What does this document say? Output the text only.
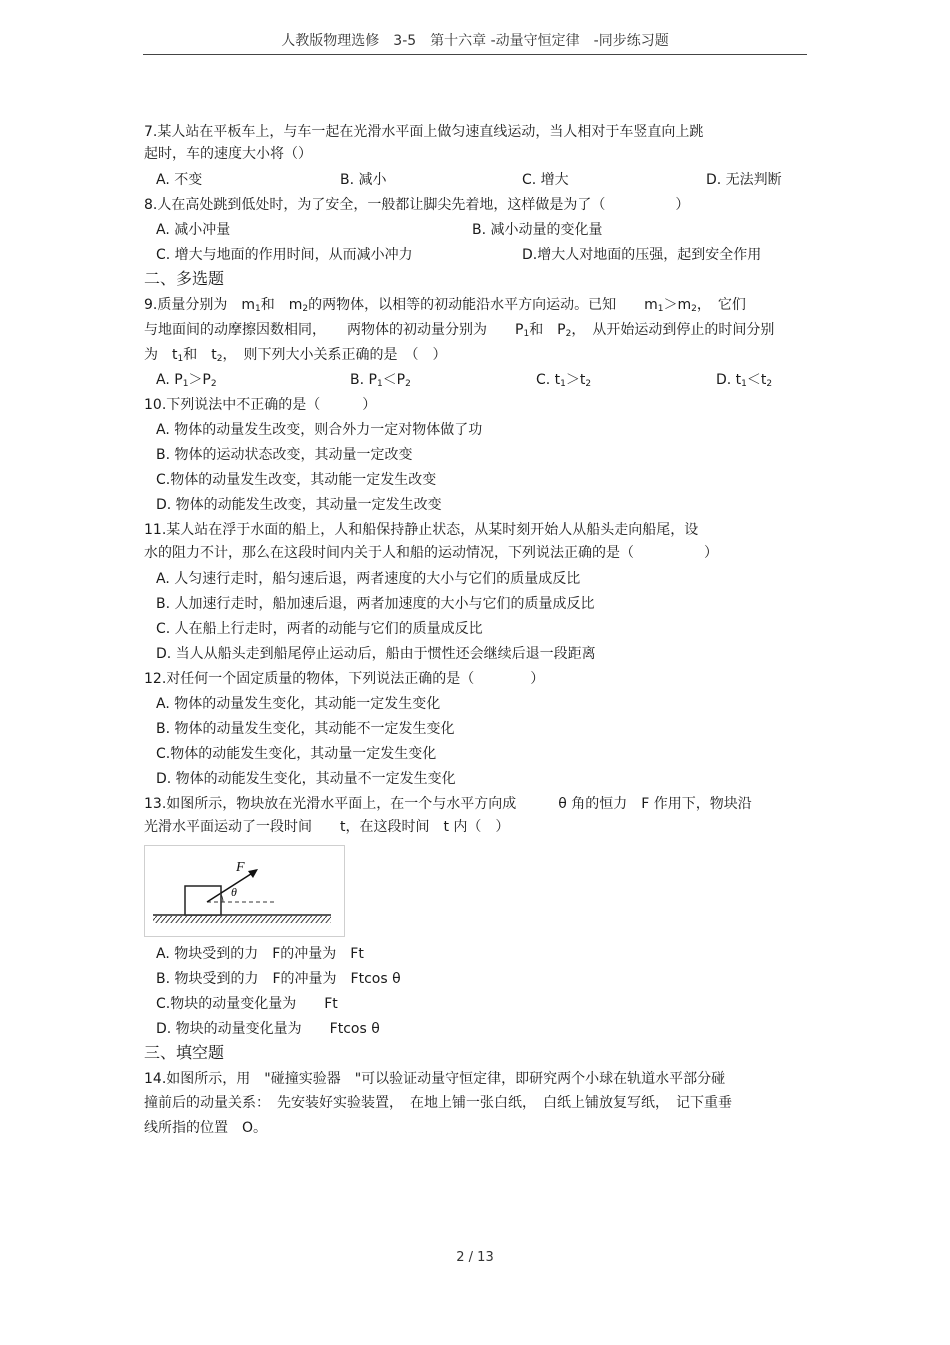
人教版物理选修　3-5　第十六章 -动量守恒定律　-同步练习题
7.某人站在平板车上，与车一起在光滑水平面上做匀速直线运动，当人相对于车竖直向上跳
起时，车的速度大小将（）
A. 不变	B. 减小	C. 增大	D. 无法判断
8.人在高处跳到低处时，为了安全，一般都让脚尖先着地，这样做是为了（　　　　　）
A. 减小冲量	B. 减小动量的变化量
C. 增大与地面的作用时间，从而减小冲力	D.增大人对地面的压强，起到安全作用
二、多选题
9.质量分别为　$m_1$和　$m_2$的两物体，以相等的初动能沿水平方向运动。已知　　$m_1>m_2$，　它们
与地面间的动摩擦因数相同，　　两物体的初动量分别为　　$P_1$和　$P_2$，　从开始运动到停止的时间分别
为　$t_1$和　$t_2$，　则下列大小关系正确的是　（　）
A. $P_1>P_2$	B. $P_1<P_2$	C. $t_1>t_2$	D. $t_1<t_2$
10.下列说法中不正确的是（　　　）
A. 物体的动量发生改变，则合外力一定对物体做了功
B. 物体的运动状态改变，其动量一定改变
C.物体的动量发生改变，其动能一定发生改变
D. 物体的动能发生改变，其动量一定发生改变
11.某人站在浮于水面的船上，人和船保持静止状态，从某时刻开始人从船头走向船尾，设
水的阻力不计，那么在这段时间内关于人和船的运动情况，下列说法正确的是（　　　　　）
A. 人匀速行走时，船匀速后退，两者速度的大小与它们的质量成反比
B. 人加速行走时，船加速后退，两者加速度的大小与它们的质量成反比
C. 人在船上行走时，两者的动能与它们的质量成反比
D. 当人从船头走到船尾停止运动后，船由于惯性还会继续后退一段距离
12.对任何一个固定质量的物体，下列说法正确的是（　　　　）
A. 物体的动量发生变化，其动能一定发生变化
B. 物体的动量发生变化，其动能不一定发生变化
C.物体的动能发生变化，其动量一定发生变化
D. 物体的动能发生变化，其动量不一定发生变化
13.如图所示，物块放在光滑水平面上，在一个与水平方向成　　　θ 角的恒力　F 作用下，物块沿
光滑水平面运动了一段时间　　t，在这段时间　t 内（　）
F
θ
A. 物块受到的力　F的冲量为　Ft
B. 物块受到的力　F的冲量为　Ftcos θ
C.物块的动量变化量为　　Ft
D. 物块的动量变化量为　　Ftcos θ
三、填空题
14.如图所示，用　"碰撞实验器　"可以验证动量守恒定律，即研究两个小球在轨道水平部分碰
撞前后的动量关系：　先安装好实验装置，　在地上铺一张白纸，　白纸上铺放复写纸，　记下重垂
线所指的位置　O。
2 / 13
